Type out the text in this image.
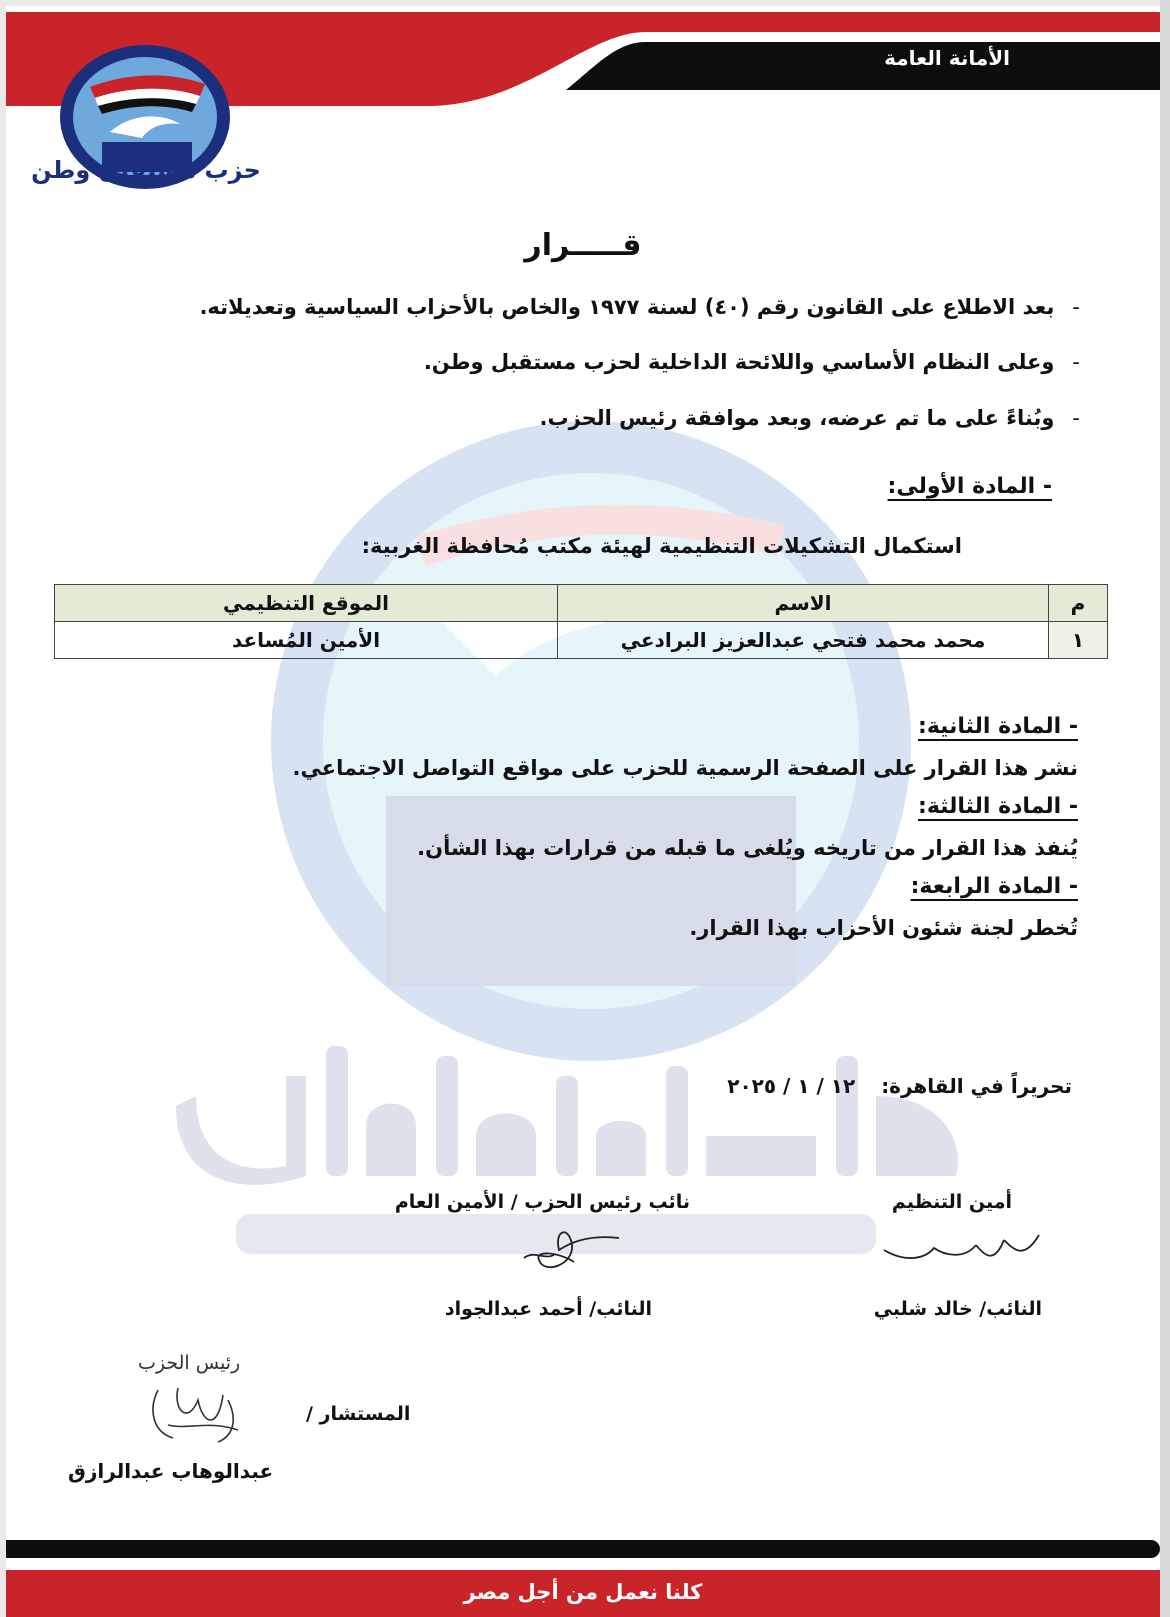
الأمانة العامة
حزب مستقبل وطن
قـــــرار
-بعد الاطلاع على القانون رقم (٤٠) لسنة ١٩٧٧ والخاص بالأحزاب السياسية وتعديلاته.
-وعلى النظام الأساسي واللائحة الداخلية لحزب مستقبل وطن.
-وبُناءً على ما تم عرضه، وبعد موافقة رئيس الحزب.
- المادة الأولى:
استكمال التشكيلات التنظيمية لهيئة مكتب مُحافظة الغربية:
م	الاسم	الموقع التنظيمي
١	محمد محمد فتحي عبدالعزيز البرادعي	الأمين المُساعد
- المادة الثانية:
نشر هذا القرار على الصفحة الرسمية للحزب على مواقع التواصل الاجتماعي.
- المادة الثالثة:
يُنفذ هذا القرار من تاريخه ويُلغى ما قبله من قرارات بهذا الشأن.
- المادة الرابعة:
تُخطر لجنة شئون الأحزاب بهذا القرار.
تحريراً في القاهرة:١٢ / ١ / ٢٠٢٥
أمين التنظيم
النائب/ خالد شلبي
نائب رئيس الحزب / الأمين العام
النائب/ أحمد عبدالجواد
رئيس الحزب
المستشار /
عبدالوهاب عبدالرازق
كلنا نعمل من أجل مصر
